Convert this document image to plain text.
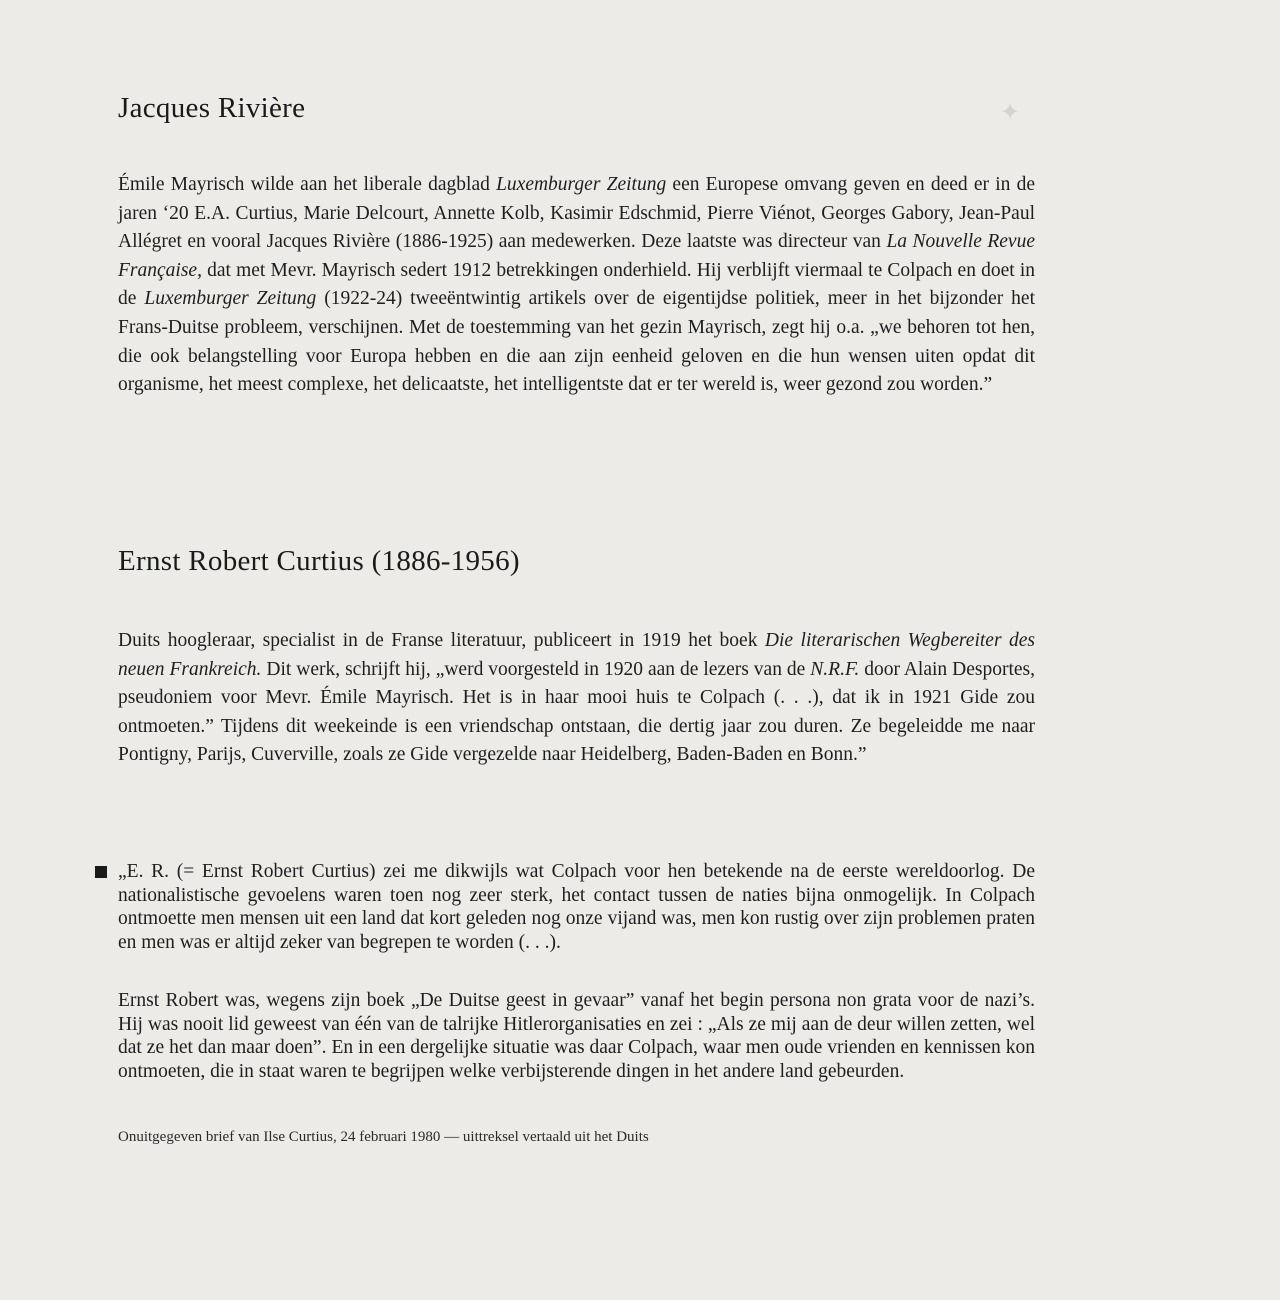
✦
Jacques Rivière

Émile Mayrisch wilde aan het liberale dagblad Luxemburger Zeitung een Europese omvang geven en deed er in de jaren ‘20 E.A. Curtius, Marie Delcourt, Annette Kolb, Kasimir Edschmid, Pierre Viénot, Georges Gabory, Jean-Paul Allégret en vooral Jacques Rivière (1886-1925) aan medewerken. Deze laatste was directeur van La Nouvelle Revue Française, dat met Mevr. Mayrisch sedert 1912 betrekkingen onderhield. Hij verblijft viermaal te Colpach en doet in de Luxemburger Zeitung (1922-24) tweeëntwintig artikels over de eigentijdse politiek, meer in het bijzonder het Frans-Duitse probleem, verschijnen. Met de toestemming van het gezin Mayrisch, zegt hij o.a. „we behoren tot hen, die ook belangstelling voor Europa hebben en die aan zijn eenheid geloven en die hun wensen uiten opdat dit organisme, het meest complexe, het delicaatste, het intelligentste dat er ter wereld is, weer gezond zou worden.”

Ernst Robert Curtius (1886-1956)

Duits hoogleraar, specialist in de Franse literatuur, publiceert in 1919 het boek Die literarischen Wegbereiter des neuen Frankreich. Dit werk, schrijft hij, „werd voorgesteld in 1920 aan de lezers van de N.R.F. door Alain Desportes, pseudoniem voor Mevr. Émile Mayrisch. Het is in haar mooi huis te Colpach (. . .), dat ik in 1921 Gide zou ontmoeten.” Tijdens dit weekeinde is een vriendschap ontstaan, die dertig jaar zou duren. Ze begeleidde me naar Pontigny, Parijs, Cuverville, zoals ze Gide vergezelde naar Heidelberg, Baden-Baden en Bonn.”

„E. R. (= Ernst Robert Curtius) zei me dikwijls wat Colpach voor hen betekende na de eerste wereldoorlog. De nationalistische gevoelens waren toen nog zeer sterk, het contact tussen de naties bijna onmogelijk. In Colpach ontmoette men mensen uit een land dat kort geleden nog onze vijand was, men kon rustig over zijn problemen praten en men was er altijd zeker van begrepen te worden (. . .).

Ernst Robert was, wegens zijn boek „De Duitse geest in gevaar” vanaf het begin persona non grata voor de nazi’s. Hij was nooit lid geweest van één van de talrijke Hitlerorganisaties en zei : „Als ze mij aan de deur willen zetten, wel dat ze het dan maar doen”. En in een dergelijke situatie was daar Colpach, waar men oude vrienden en kennissen kon ontmoeten, die in staat waren te begrijpen welke verbijsterende dingen in het andere land gebeurden.

Onuitgegeven brief van Ilse Curtius, 24 februari 1980 — uittreksel vertaald uit het Duits
